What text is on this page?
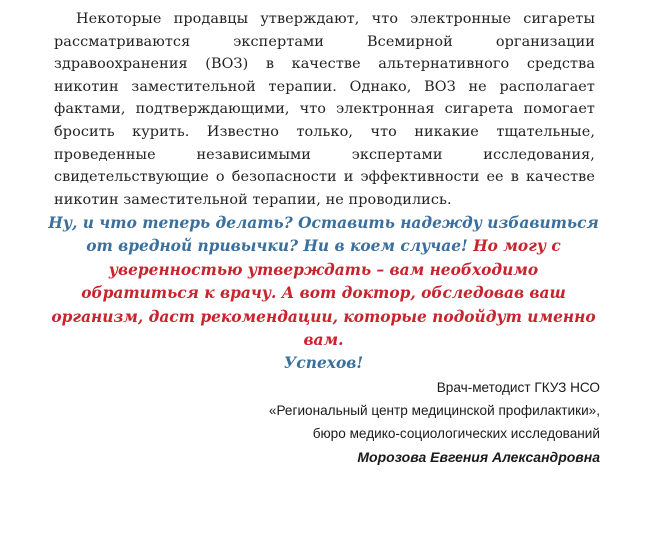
Некоторые продавцы утверждают, что электронные сигареты рассматриваются экспертами Всемирной организации здравоохранения (ВОЗ) в качестве альтернативного средства никотин заместительной терапии. Однако, ВОЗ не располагает фактами, подтверждающими, что электронная сигарета помогает бросить курить. Известно только, что никакие тщательные, проведенные независимыми экспертами исследования, свидетельствующие о безопасности и эффективности ее в качестве никотин заместительной терапии, не проводились.

Ну, и что теперь делать? Оставить надежду избавиться от вредной привычки? Ни в коем случае! Но могу с уверенностью утверждать – вам необходимо обратиться к врачу. А вот доктор, обследовав ваш организм, даст рекомендации, которые подойдут именно вам.
Успехов!

Врач-методист ГКУЗ НСО
«Региональный центр медицинской профилактики»,
бюро медико-социологических исследований
Морозова Евгения Александровна
